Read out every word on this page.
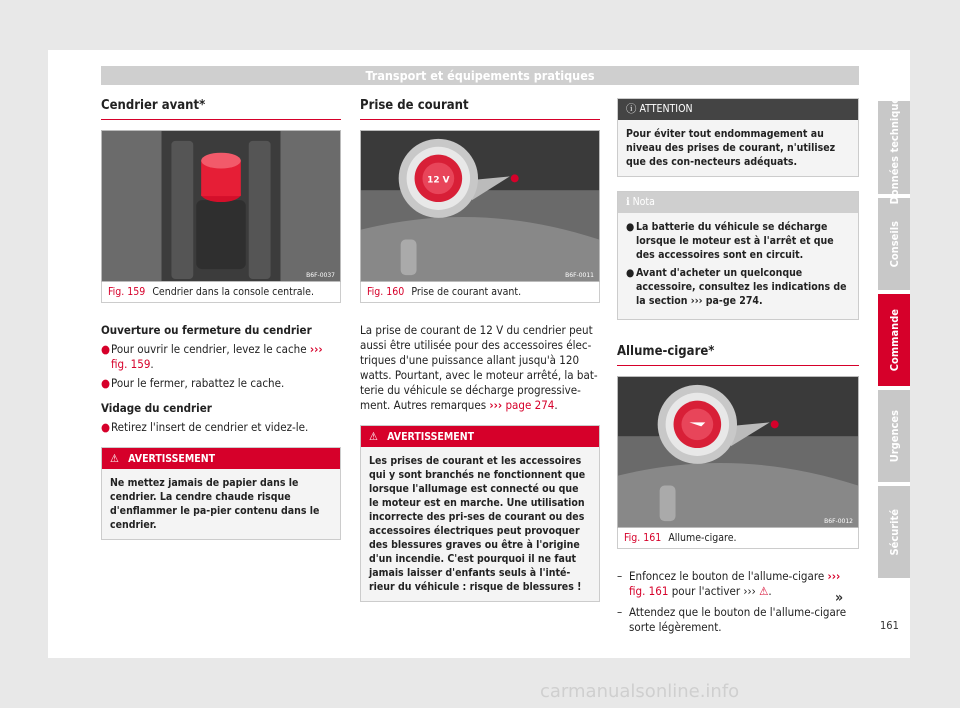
Transport et équipements pratiques
Cendrier avant*
B6F-0037
Fig. 159 Cendrier dans la console centrale.
Ouverture ou fermeture du cendrier
● Pour ouvrir le cendrier, levez le cache ››› fig. 159.
● Pour le fermer, rabattez le cache.
Vidage du cendrier
● Retirez l'insert de cendrier et videz-le.
⚠ AVERTISSEMENT
Ne mettez jamais de papier dans le cendrier. La cendre chaude risque d'enflammer le pa-pier contenu dans le cendrier.
Prise de courant
12 V
B6F-0011
Fig. 160 Prise de courant avant.

La prise de courant de 12 V du cendrier peut aussi être utilisée pour des accessoires élec-triques d'une puissance allant jusqu'à 120 watts. Pourtant, avec le moteur arrêté, la bat-terie du véhicule se décharge progressive-ment. Autres remarques ››› page 274.

⚠ AVERTISSEMENT
Les prises de courant et les accessoires qui y sont branchés ne fonctionnent que lorsque l'allumage est connecté ou que le moteur est en marche. Une utilisation incorrecte des pri-ses de courant ou des accessoires électriques peut provoquer des blessures graves ou être à l'origine d'un incendie. C'est pourquoi il ne faut jamais laisser d'enfants seuls à l'inté-rieur du véhicule : risque de blessures !
ⓘ ATTENTION
Pour éviter tout endommagement au niveau des prises de courant, n'utilisez que des con-necteurs adéquats.
ℹ Nota
● La batterie du véhicule se décharge lorsque le moteur est à l'arrêt et que des accessoires sont en circuit.
● Avant d'acheter un quelconque accessoire, consultez les indications de la section ››› pa-ge 274.
Allume-cigare*
B6F-0012
Fig. 161 Allume-cigare.
– Enfoncez le bouton de l'allume-cigare ››› fig. 161 pour l'activer ››› ⚠.
– Attendez que le bouton de l'allume-cigare sorte légèrement.
»
Données techniques
Conseils
Commande
Urgences
Sécurité
161
carmanualsonline.info
